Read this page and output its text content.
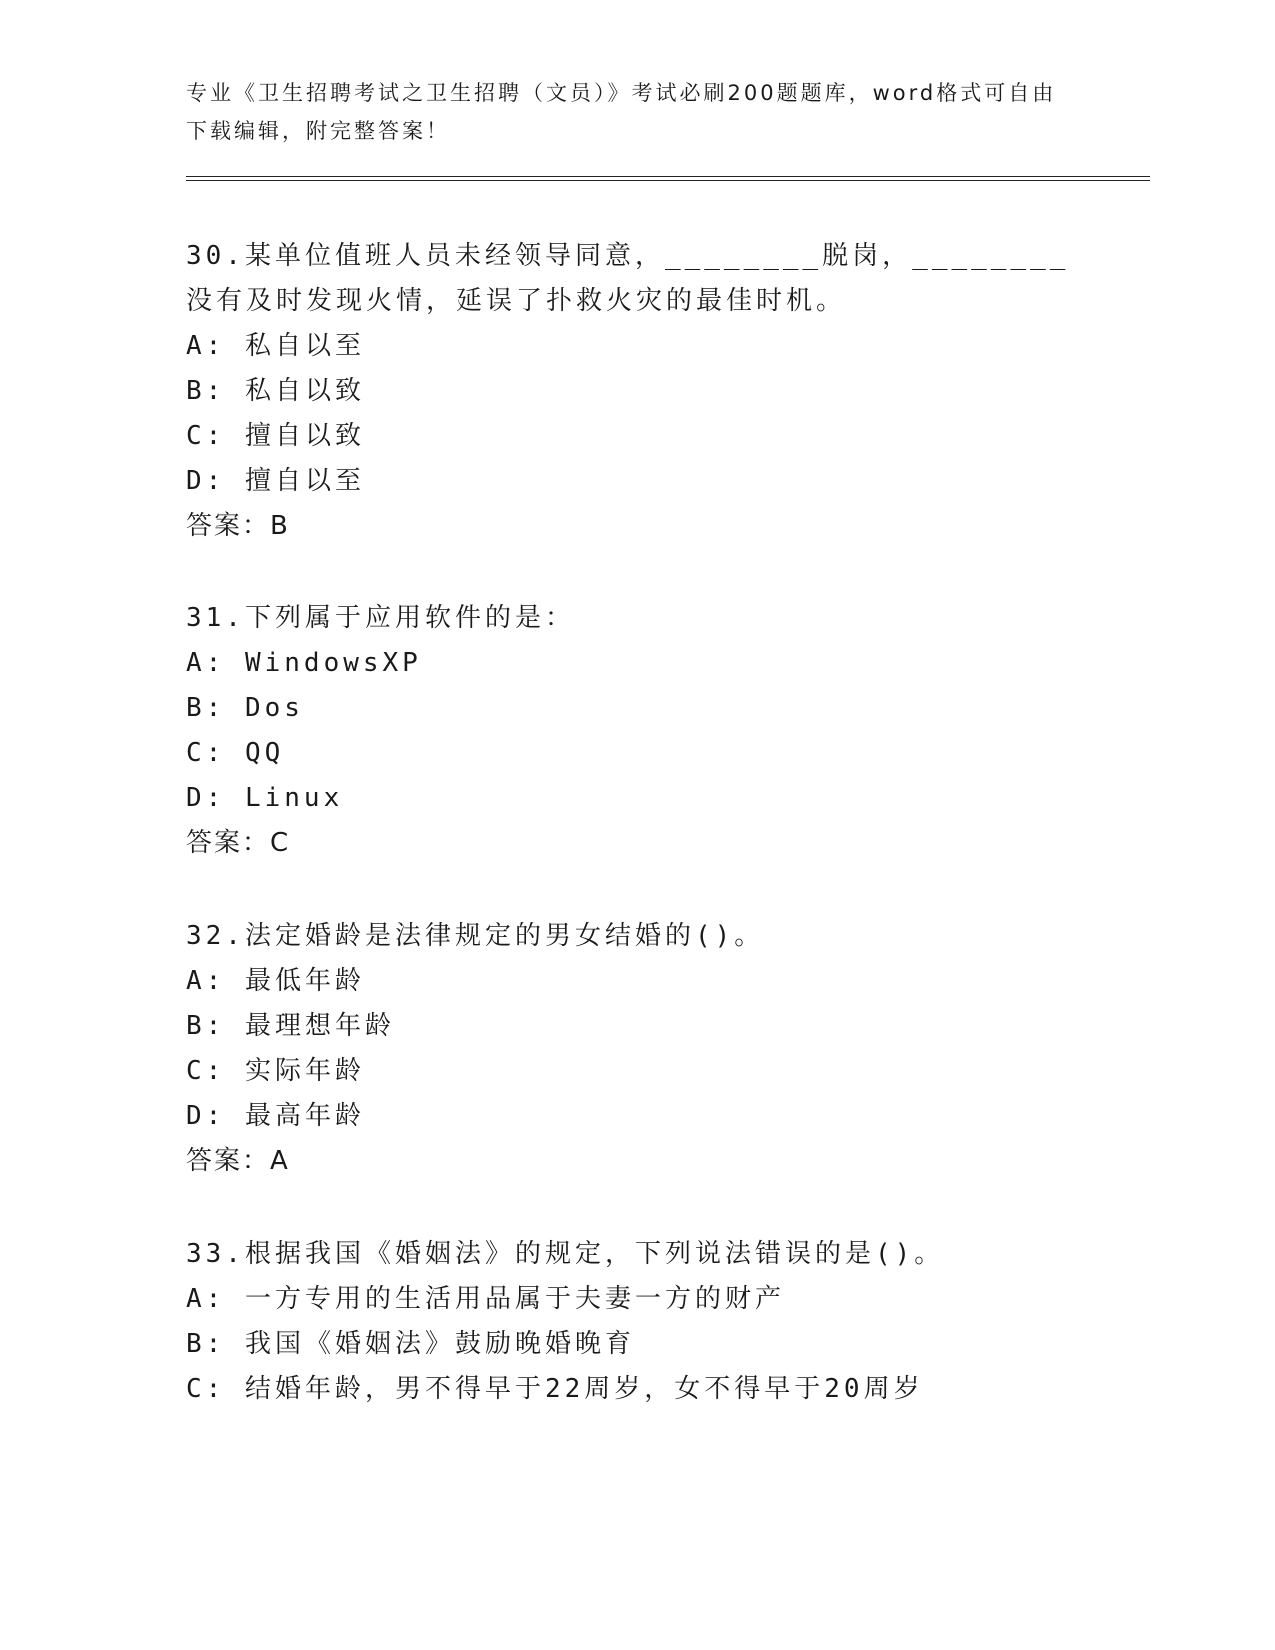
专业《卫生招聘考试之卫生招聘（文员）》考试必刷200题题库，word格式可自由下载编辑，附完整答案！

30.某单位值班人员未经领导同意，________脱岗，________没有及时发现火情，延误了扑救火灾的最佳时机。

A: 私自以至

B: 私自以致

C: 擅自以致

D: 擅自以至

答案：B

31.下列属于应用软件的是：

A: WindowsXP

B: Dos

C: QQ

D: Linux

答案：C

32.法定婚龄是法律规定的男女结婚的()。

A: 最低年龄

B: 最理想年龄

C: 实际年龄

D: 最高年龄

答案：A

33.根据我国《婚姻法》的规定，下列说法错误的是()。

A: 一方专用的生活用品属于夫妻一方的财产

B: 我国《婚姻法》鼓励晚婚晚育

C: 结婚年龄，男不得早于22周岁，女不得早于20周岁
